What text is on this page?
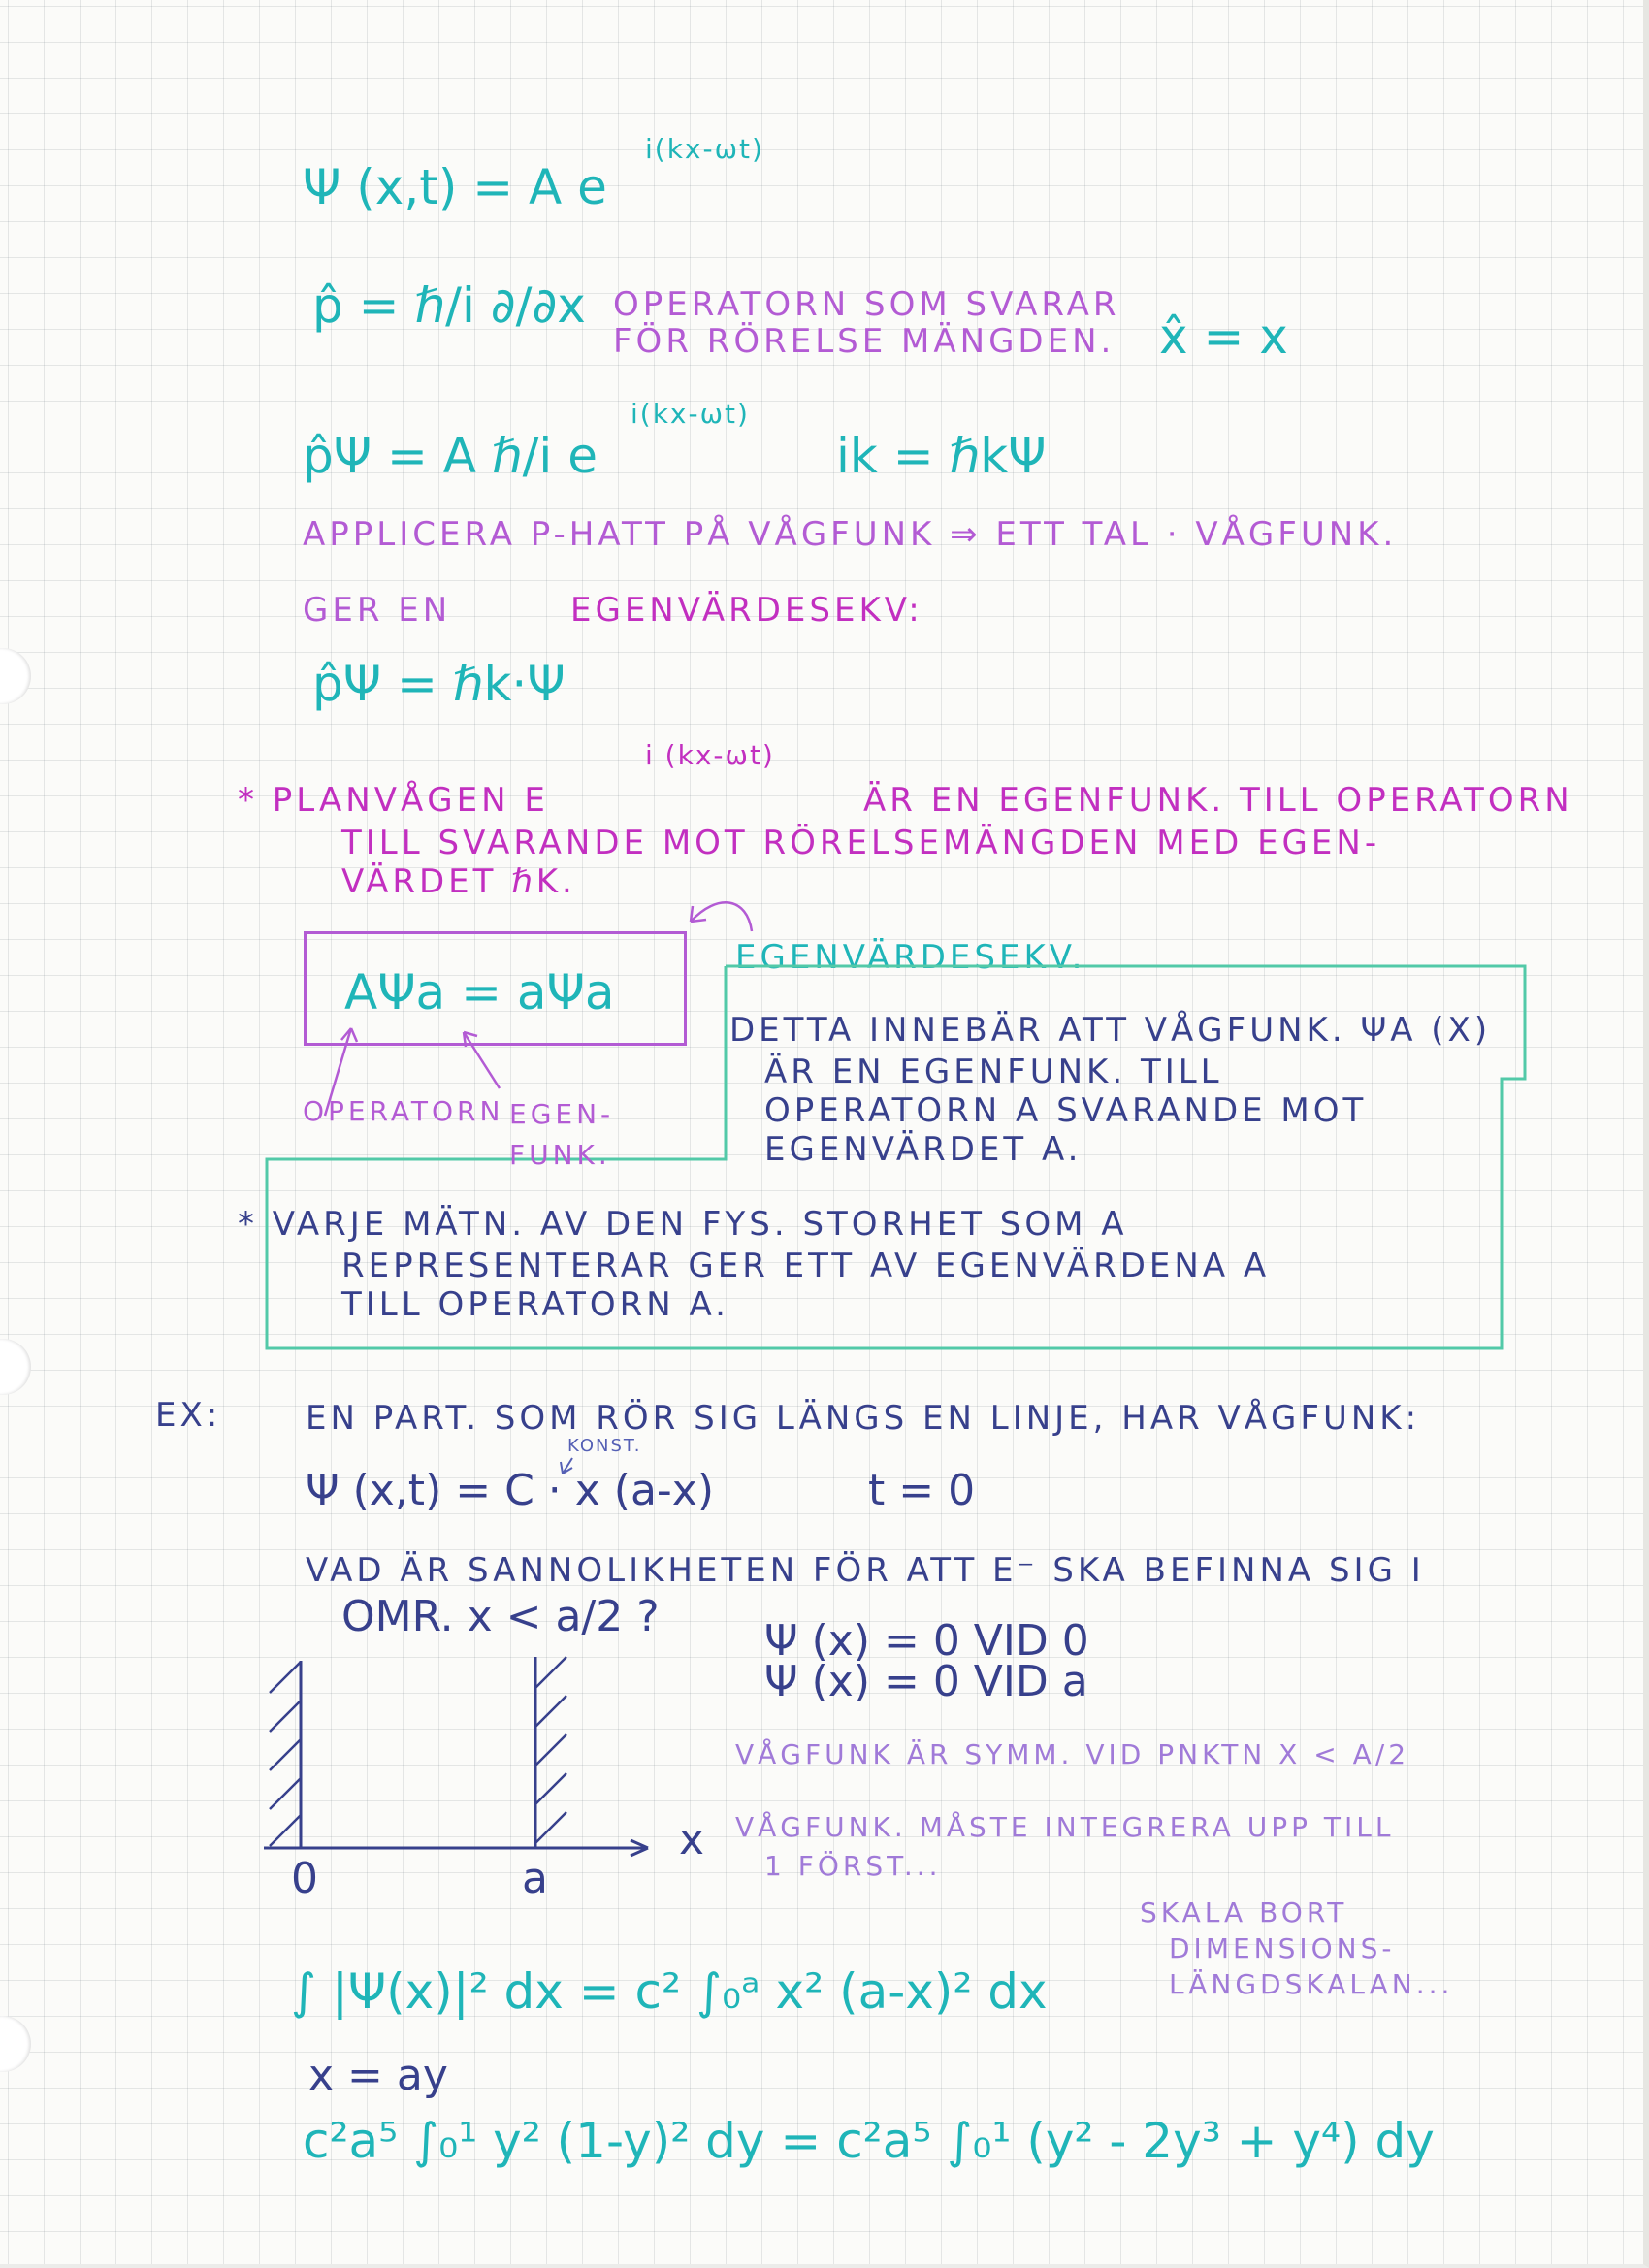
Ψ (x,t) = A e
i(kx-ωt)
p̂ = ℏ/i ∂/∂x OPERATORN SOM SVARAR FÖR RÖRELSE MÄNGDEN. x̂ = x
p̂Ψ = A ℏ/i e
i(kx-ωt)
ik = ℏkΨ
APPLICERA P-HATT PÅ VÅGFUNK ⇒ ETT TAL · VÅGFUNK.
GER EN	EGENVÄRDESEKV:
p̂Ψ = ℏk·Ψ
* PLANVÅGEN E
i (kx-ωt)
ÄR EN EGENFUNK. TILL OPERATORN
TILL SVARANDE MOT RÖRELSEMÄNGDEN MED EGEN-
VÄRDET ℏK.
AΨa = aΨa
EGENVÄRDESEKV.
OPERATORN EGEN- FUNK.
DETTA INNEBÄR ATT VÅGFUNK. ΨA (X)
ÄR EN EGENFUNK. TILL
OPERATORN A SVARANDE MOT
EGENVÄRDET A.
* VARJE MÄTN. AV DEN FYS. STORHET SOM A
REPRESENTERAR GER ETT AV EGENVÄRDENA A
TILL OPERATORN A.
EX:	EN PART. SOM RÖR SIG LÄNGS EN LINJE, HAR VÅGFUNK:
KONST.
Ψ (x,t) = C · x (a-x)	t = 0
VAD ÄR SANNOLIKHETEN FÖR ATT E⁻ SKA BEFINNA SIG I
OMR. x < a/2 ? Ψ (x) = 0 VID 0
Ψ (x) = 0 VID a
VÅGFUNK ÄR SYMM. VID PNKTN X < A/2
VÅGFUNK. MÅSTE INTEGRERA UPP TILL
1 FÖRST...
x
0	a
SKALA BORT
DIMENSIONS-
LÄNGDSKALAN...
∫ |Ψ(x)|² dx = c² ∫₀ᵃ x² (a-x)² dx
x = ay
c²a⁵ ∫₀¹ y² (1-y)² dy = c²a⁵ ∫₀¹ (y² - 2y³ + y⁴) dy
